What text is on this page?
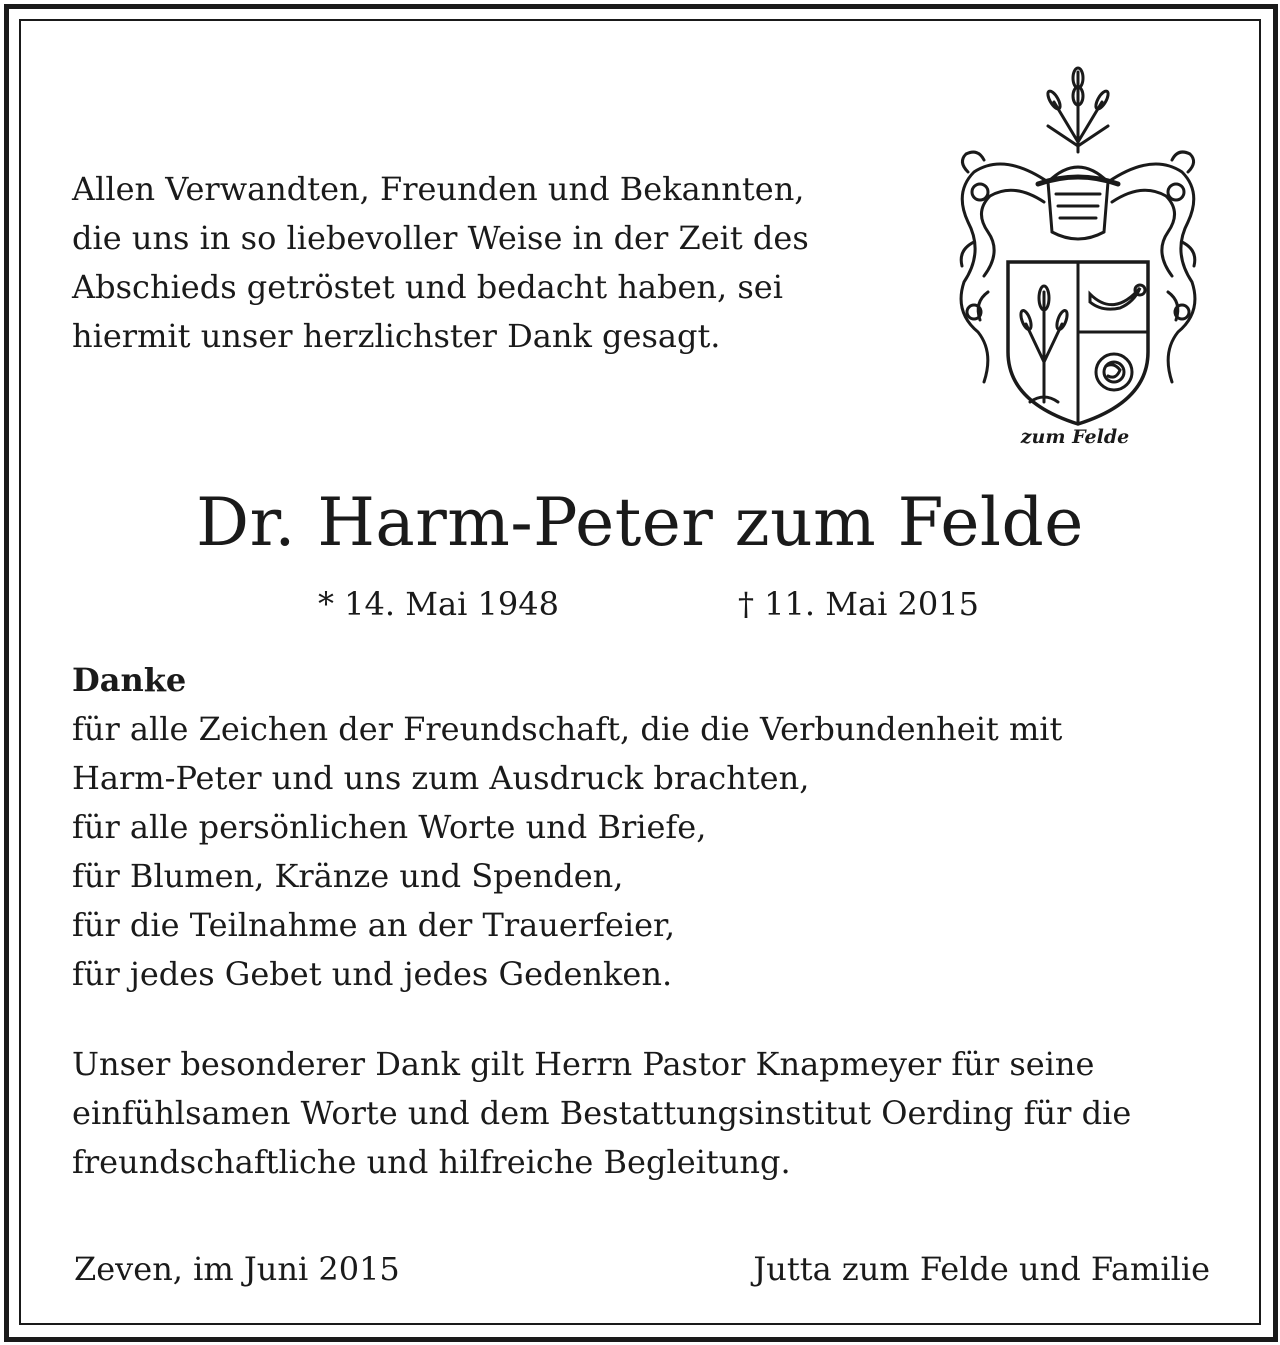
Allen Verwandten, Freunden und Bekannten,
die uns in so liebevoller Weise in der Zeit des
Abschieds getröstet und bedacht haben, sei
hiermit unser herzlichster Dank gesagt.
zum Felde
Dr. Harm-Peter zum Felde
* 14. Mai 1948	† 11. Mai 2015
Danke
für alle Zeichen der Freundschaft, die die Verbundenheit mit
Harm-Peter und uns zum Ausdruck brachten,
für alle persönlichen Worte und Briefe,
für Blumen, Kränze und Spenden,
für die Teilnahme an der Trauerfeier,
für jedes Gebet und jedes Gedenken.
Unser besonderer Dank gilt Herrn Pastor Knapmeyer für seine
einfühlsamen Worte und dem Bestattungsinstitut Oerding für die
freundschaftliche und hilfreiche Begleitung.
Zeven, im Juni 2015	Jutta zum Felde und Familie
